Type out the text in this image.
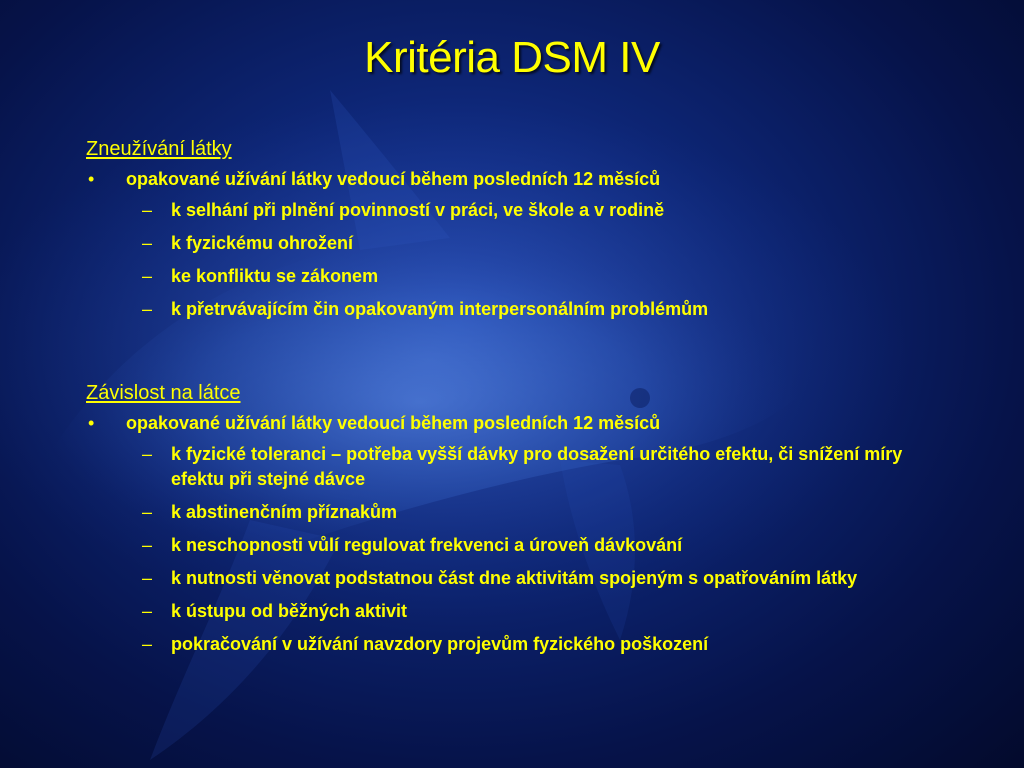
Kritéria DSM IV
Zneužívání látky
• opakované užívání látky vedoucí během posledních 12 měsíců
– k selhání při plnění povinností v práci, ve škole a v rodině
– k fyzickému ohrožení
– ke konfliktu se zákonem
– k přetrvávajícím čin opakovaným interpersonálním problémům
Závislost na látce
• opakované užívání látky vedoucí během posledních 12 měsíců
– k fyzické toleranci – potřeba vyšší dávky pro dosažení určitého efektu, či snížení míry efektu při stejné dávce
– k abstinenčním příznakům
– k neschopnosti vůlí regulovat frekvenci a úroveň dávkování
– k nutnosti věnovat podstatnou část dne aktivitám spojeným s opatřováním látky
– k ústupu od běžných aktivit
– pokračování v užívání navzdory projevům fyzického poškození
